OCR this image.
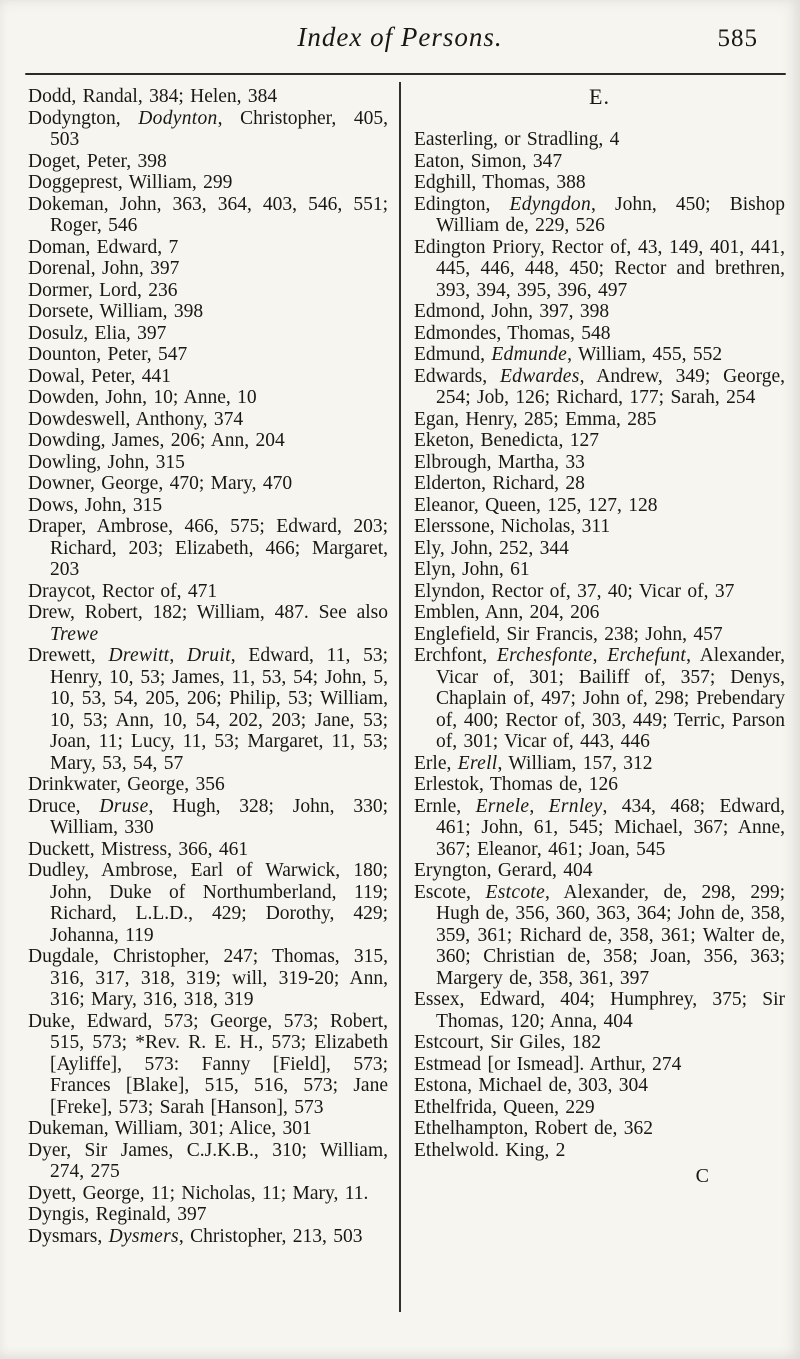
Index of Persons.	585

Dodd, Randal, 384; Helen, 384

Dodyngton, Dodynton, Christopher, 405, 503

Doget, Peter, 398

Doggeprest, William, 299

Dokeman, John, 363, 364, 403, 546, 551; Roger, 546

Doman, Edward, 7

Dorenal, John, 397

Dormer, Lord, 236

Dorsete, William, 398

Dosulz, Elia, 397

Dounton, Peter, 547

Dowal, Peter, 441

Dowden, John, 10; Anne, 10

Dowdeswell, Anthony, 374

Dowding, James, 206; Ann, 204

Dowling, John, 315

Downer, George, 470; Mary, 470

Dows, John, 315

Draper, Ambrose, 466, 575; Edward, 203; Richard, 203; Elizabeth, 466; Margaret, 203

Draycot, Rector of, 471

Drew, Robert, 182; William, 487. See also Trewe

Drewett, Drewitt, Druit, Edward, 11, 53; Henry, 10, 53; James, 11, 53, 54; John, 5, 10, 53, 54, 205, 206; Philip, 53; William, 10, 53; Ann, 10, 54, 202, 203; Jane, 53; Joan, 11; Lucy, 11, 53; Margaret, 11, 53; Mary, 53, 54, 57

Drinkwater, George, 356

Druce, Druse, Hugh, 328; John, 330; William, 330

Duckett, Mistress, 366, 461

Dudley, Ambrose, Earl of Warwick, 180; John, Duke of Northumberland, 119; Richard, L.L.D., 429; Dorothy, 429; Johanna, 119

Dugdale, Christopher, 247; Thomas, 315, 316, 317, 318, 319; will, 319-20; Ann, 316; Mary, 316, 318, 319

Duke, Edward, 573; George, 573; Robert, 515, 573; *Rev. R. E. H., 573; Elizabeth [Ayliffe], 573: Fanny [Field], 573; Frances [Blake], 515, 516, 573; Jane [Freke], 573; Sarah [Hanson], 573

Dukeman, William, 301; Alice, 301

Dyer, Sir James, C.J.K.B., 310; William, 274, 275

Dyett, George, 11; Nicholas, 11; Mary, 11.

Dyngis, Reginald, 397

Dysmars, Dysmers, Christopher, 213, 503

E.

Easterling, or Stradling, 4

Eaton, Simon, 347

Edghill, Thomas, 388

Edington, Edyngdon, John, 450; Bishop William de, 229, 526

Edington Priory, Rector of, 43, 149, 401, 441, 445, 446, 448, 450; Rector and brethren, 393, 394, 395, 396, 497

Edmond, John, 397, 398

Edmondes, Thomas, 548

Edmund, Edmunde, William, 455, 552

Edwards, Edwardes, Andrew, 349; George, 254; Job, 126; Richard, 177; Sarah, 254

Egan, Henry, 285; Emma, 285

Eketon, Benedicta, 127

Elbrough, Martha, 33

Elderton, Richard, 28

Eleanor, Queen, 125, 127, 128

Elerssone, Nicholas, 311

Ely, John, 252, 344

Elyn, John, 61

Elyndon, Rector of, 37, 40; Vicar of, 37

Emblen, Ann, 204, 206

Englefield, Sir Francis, 238; John, 457

Erchfont, Erchesfonte, Erchefunt, Alexander, Vicar of, 301; Bailiff of, 357; Denys, Chaplain of, 497; John of, 298; Prebendary of, 400; Rector of, 303, 449; Terric, Parson of, 301; Vicar of, 443, 446

Erle, Erell, William, 157, 312

Erlestok, Thomas de, 126

Ernle, Ernele, Ernley, 434, 468; Edward, 461; John, 61, 545; Michael, 367; Anne, 367; Eleanor, 461; Joan, 545

Eryngton, Gerard, 404

Escote, Estcote, Alexander, de, 298, 299; Hugh de, 356, 360, 363, 364; John de, 358, 359, 361; Richard de, 358, 361; Walter de, 360; Christian de, 358; Joan, 356, 363; Margery de, 358, 361, 397

Essex, Edward, 404; Humphrey, 375; Sir Thomas, 120; Anna, 404

Estcourt, Sir Giles, 182

Estmead [or Ismead]. Arthur, 274

Estona, Michael de, 303, 304

Ethelfrida, Queen, 229

Ethelhampton, Robert de, 362

Ethelwold. King, 2

C
